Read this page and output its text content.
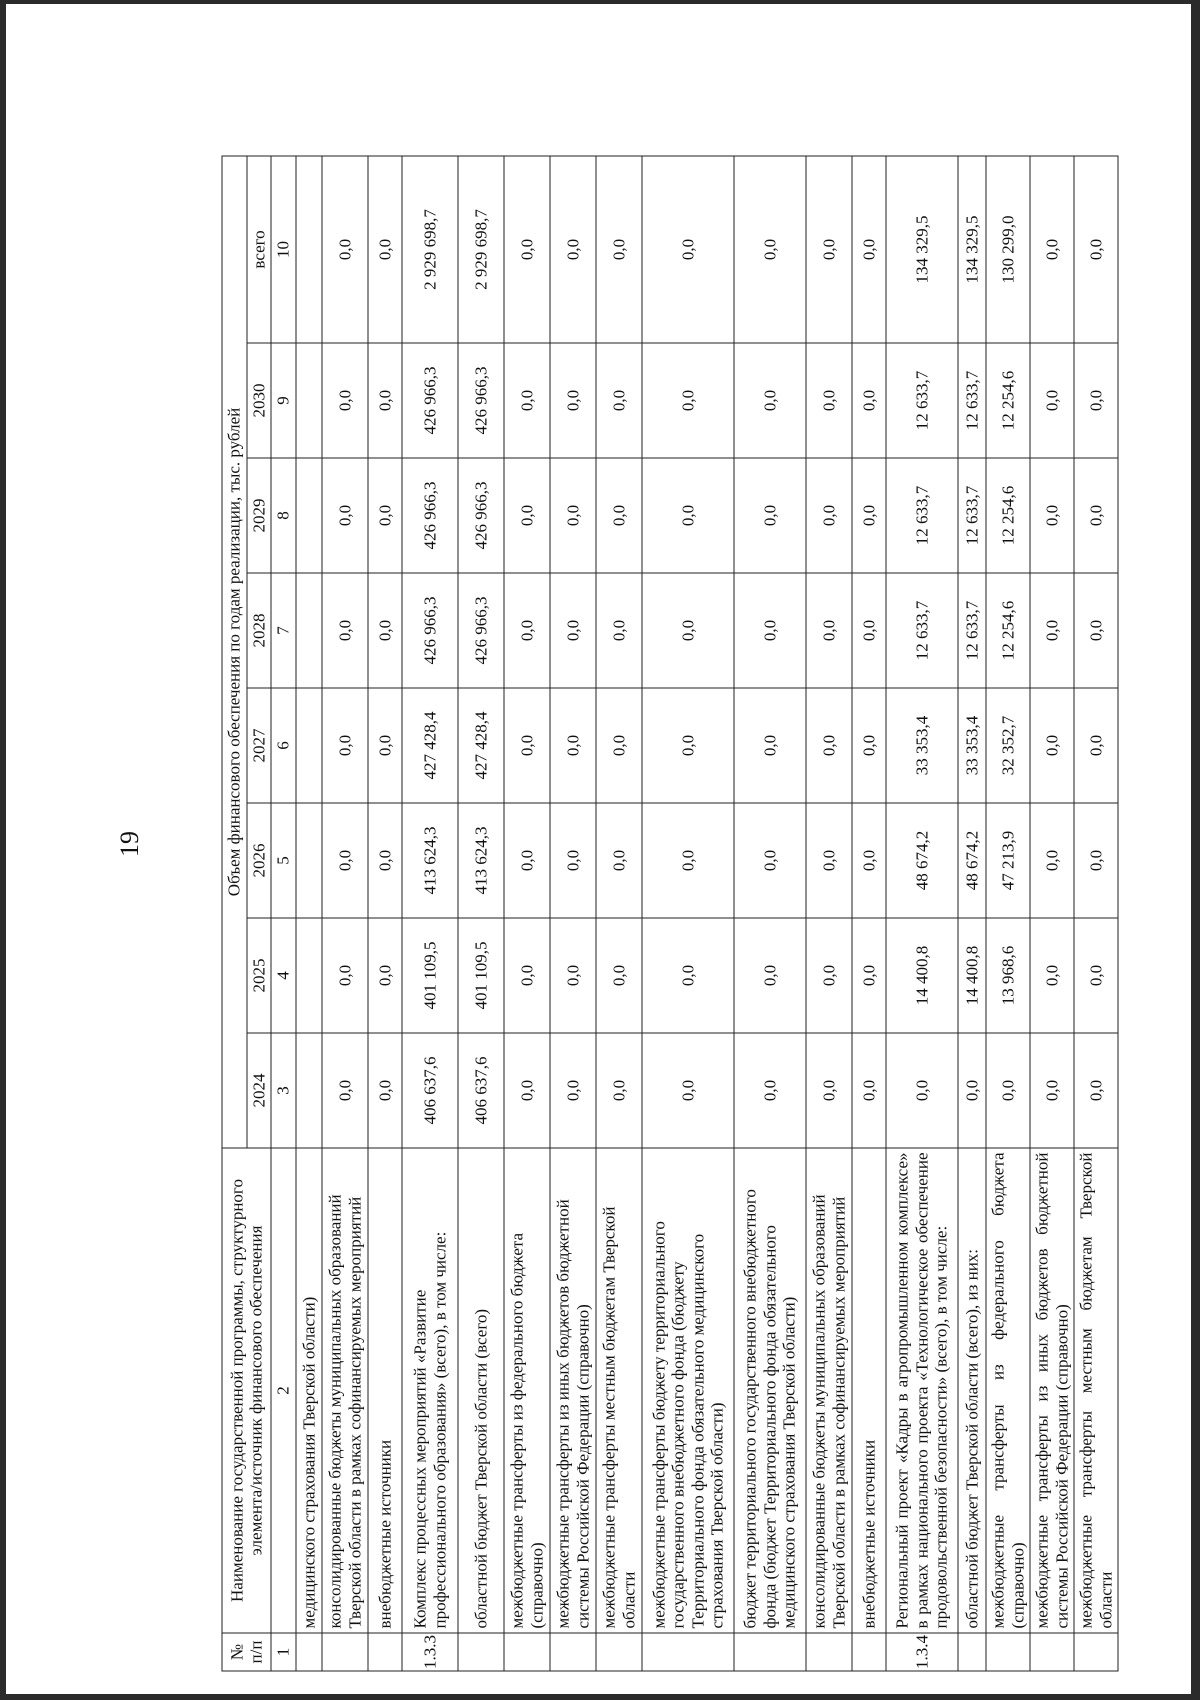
19
№ п/п	Наименование государственной программы, структурного элемента/источник финансового обеспечения	Объем финансового обеспечения по годам реализации, тыс. рублей							
		2024	2025	2026	2027	2028	2029	2030	всего
1	2	3	4	5	6	7	8	9	10
	медицинского страхования Тверской области)								
	консолидированные бюджеты муниципальных образований Тверской области в рамках софинансируемых мероприятий	0,0	0,0	0,0	0,0	0,0	0,0	0,0	0,0
	внебюджетные источники	0,0	0,0	0,0	0,0	0,0	0,0	0,0	0,0
1.3.3	Комплекс процессных мероприятий «Развитие профессионального образования» (всего), в том числе:	406 637,6	401 109,5	413 624,3	427 428,4	426 966,3	426 966,3	426 966,3	2 929 698,7
	областной бюджет Тверской области (всего)	406 637,6	401 109,5	413 624,3	427 428,4	426 966,3	426 966,3	426 966,3	2 929 698,7
	межбюджетные трансферты из федерального бюджета (справочно)	0,0	0,0	0,0	0,0	0,0	0,0	0,0	0,0
	межбюджетные трансферты из иных бюджетов бюджетной системы Российской Федерации (справочно)	0,0	0,0	0,0	0,0	0,0	0,0	0,0	0,0
	межбюджетные трансферты местным бюджетам Тверской области	0,0	0,0	0,0	0,0	0,0	0,0	0,0	0,0
	межбюджетные трансферты бюджету территориального государственного внебюджетного фонда (бюджету Территориального фонда обязательного медицинского страхования Тверской области)	0,0	0,0	0,0	0,0	0,0	0,0	0,0	0,0
	бюджет территориального государственного внебюджетного фонда (бюджет Территориального фонда обязательного медицинского страхования Тверской области)	0,0	0,0	0,0	0,0	0,0	0,0	0,0	0,0
	консолидированные бюджеты муниципальных образований Тверской области в рамках софинансируемых мероприятий	0,0	0,0	0,0	0,0	0,0	0,0	0,0	0,0
	внебюджетные источники	0,0	0,0	0,0	0,0	0,0	0,0	0,0	0,0
1.3.4	Региональный проект «Кадры в агропромышленном комплексе» в рамках национального проекта «Технологическое обеспечение продовольственной безопасности» (всего), в том числе:	0,0	14 400,8	48 674,2	33 353,4	12 633,7	12 633,7	12 633,7	134 329,5
	областной бюджет Тверской области (всего), из них:	0,0	14 400,8	48 674,2	33 353,4	12 633,7	12 633,7	12 633,7	134 329,5
	межбюджетные трансферты из федерального бюджета (справочно)	0,0	13 968,6	47 213,9	32 352,7	12 254,6	12 254,6	12 254,6	130 299,0
	межбюджетные трансферты из иных бюджетов бюджетной системы Российской Федерации (справочно)	0,0	0,0	0,0	0,0	0,0	0,0	0,0	0,0
	межбюджетные трансферты местным бюджетам Тверской области	0,0	0,0	0,0	0,0	0,0	0,0	0,0	0,0
